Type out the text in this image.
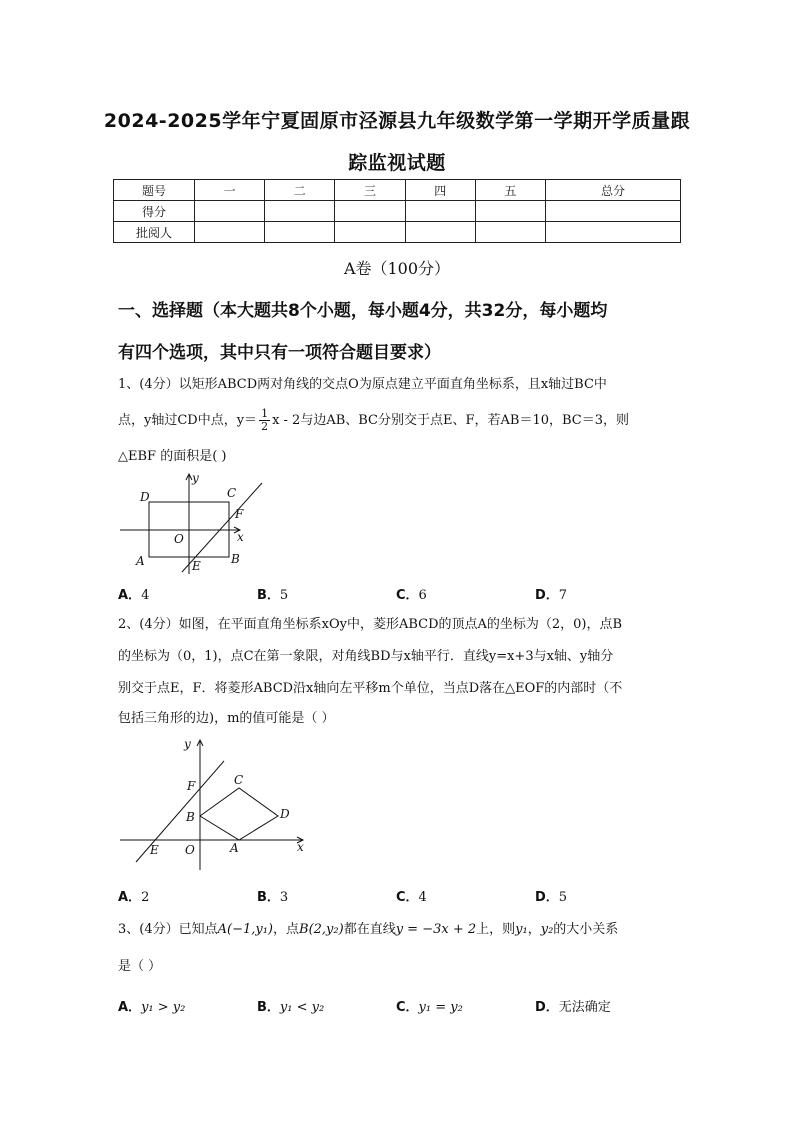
2024-2025学年宁夏固原市泾源县九年级数学第一学期开学质量跟
踪监视试题
题号	一	二	三	四	五	总分
得分						
批阅人						
A卷（100分）
一、选择题（本大题共8个小题，每小题4分，共32分，每小题均
有四个选项，其中只有一项符合题目要求）
1、(4分）以矩形ABCD两对角线的交点O为原点建立平面直角坐标系，且x轴过BC中
点，y轴过CD中点，$y= \frac{1}{2}$ x - 2与边AB、BC分别交于点E、F，若AB＝10，BC＝3，则
△EBF 的面积是( )
D	C
F
y
x
O
A	E	B
A．4	B．5	C．6	D．7
2、(4分）如图，在平面直角坐标系xOy中，菱形ABCD的顶点A的坐标为（2，0)，点B
的坐标为（0，1)，点C在第一象限，对角线BD与x轴平行．直线y=x+3与x轴、y轴分
别交于点E，F．将菱形ABCD沿x轴向左平移m个单位，当点D落在△EOF的内部时（不
包括三角形的边)，m的值可能是（ ）
y
F	C
B	D
E O	A	x
A．2	B．3	C．4	D．5
3、(4分）已知点A(−1,y₁)，点B(2,y₂)都在直线y = −3x + 2上，则y₁，y₂的大小关系
是（ ）
A．y₁ > y₂	B．y₁ < y₂	C．y₁ = y₂	D．无法确定
